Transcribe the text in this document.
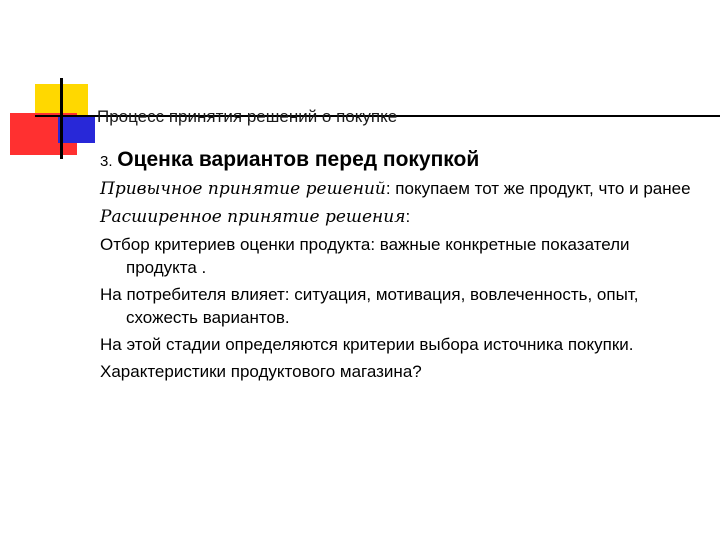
Процесс принятия решений о покупке

3. Оценка вариантов перед покупкой

Привычное принятие решений: покупаем тот же продукт, что и ранее

Расширенное принятие решения:

Отбор критериев оценки продукта: важные конкретные показатели продукта .

На потребителя влияет: ситуация, мотивация, вовлеченность, опыт, схожесть вариантов.

На этой стадии определяются критерии выбора источника покупки.

Характеристики продуктового магазина?
